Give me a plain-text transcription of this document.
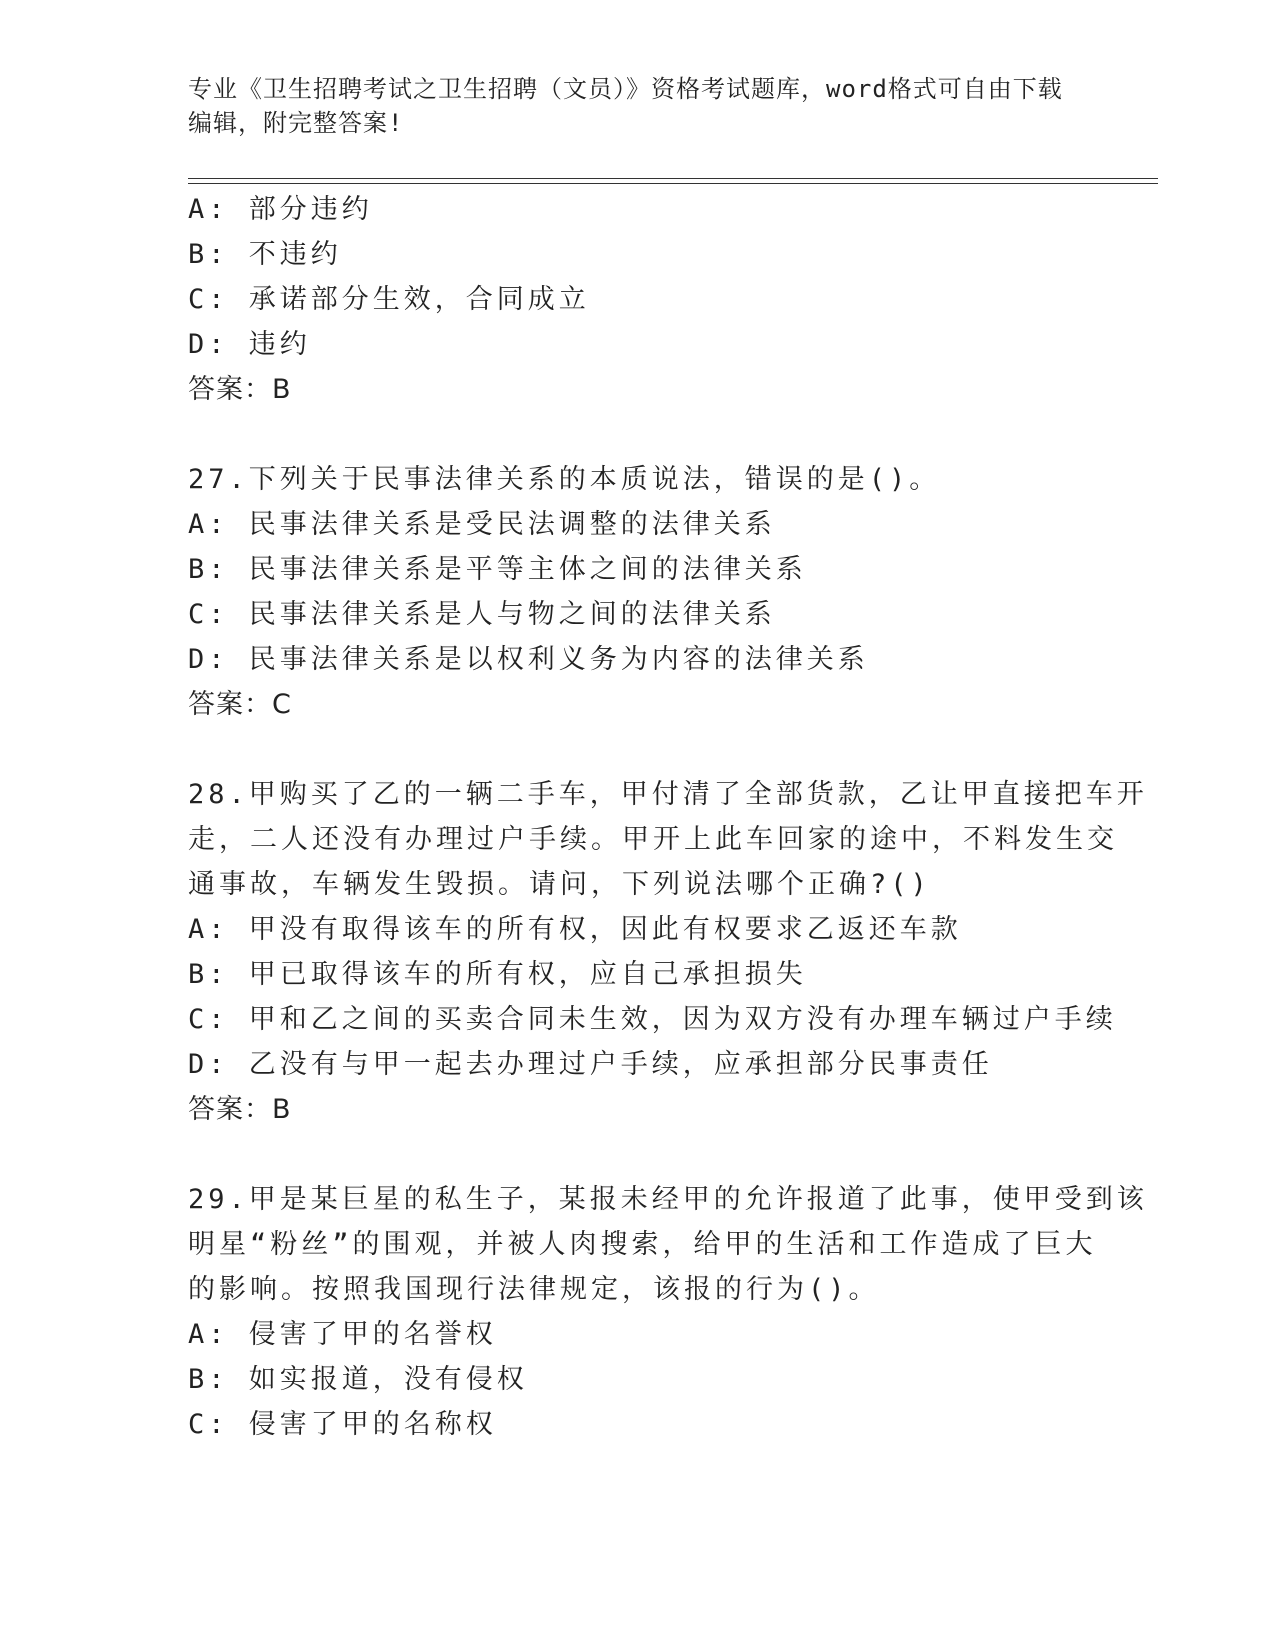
专业《卫生招聘考试之卫生招聘（文员）》资格考试题库，word格式可自由下载
编辑，附完整答案!
A: 部分违约
B: 不违约
C: 承诺部分生效，合同成立
D: 违约
答案：B
27.下列关于民事法律关系的本质说法，错误的是()。
A: 民事法律关系是受民法调整的法律关系
B: 民事法律关系是平等主体之间的法律关系
C: 民事法律关系是人与物之间的法律关系
D: 民事法律关系是以权利义务为内容的法律关系
答案：C
28.甲购买了乙的一辆二手车，甲付清了全部货款，乙让甲直接把车开
走，二人还没有办理过户手续。甲开上此车回家的途中，不料发生交
通事故，车辆发生毁损。请问，下列说法哪个正确?()
A: 甲没有取得该车的所有权，因此有权要求乙返还车款
B: 甲已取得该车的所有权，应自己承担损失
C: 甲和乙之间的买卖合同未生效，因为双方没有办理车辆过户手续
D: 乙没有与甲一起去办理过户手续，应承担部分民事责任
答案：B
29.甲是某巨星的私生子，某报未经甲的允许报道了此事，使甲受到该
明星“粉丝”的围观，并被人肉搜索，给甲的生活和工作造成了巨大
的影响。按照我国现行法律规定，该报的行为()。
A: 侵害了甲的名誉权
B: 如实报道，没有侵权
C: 侵害了甲的名称权
